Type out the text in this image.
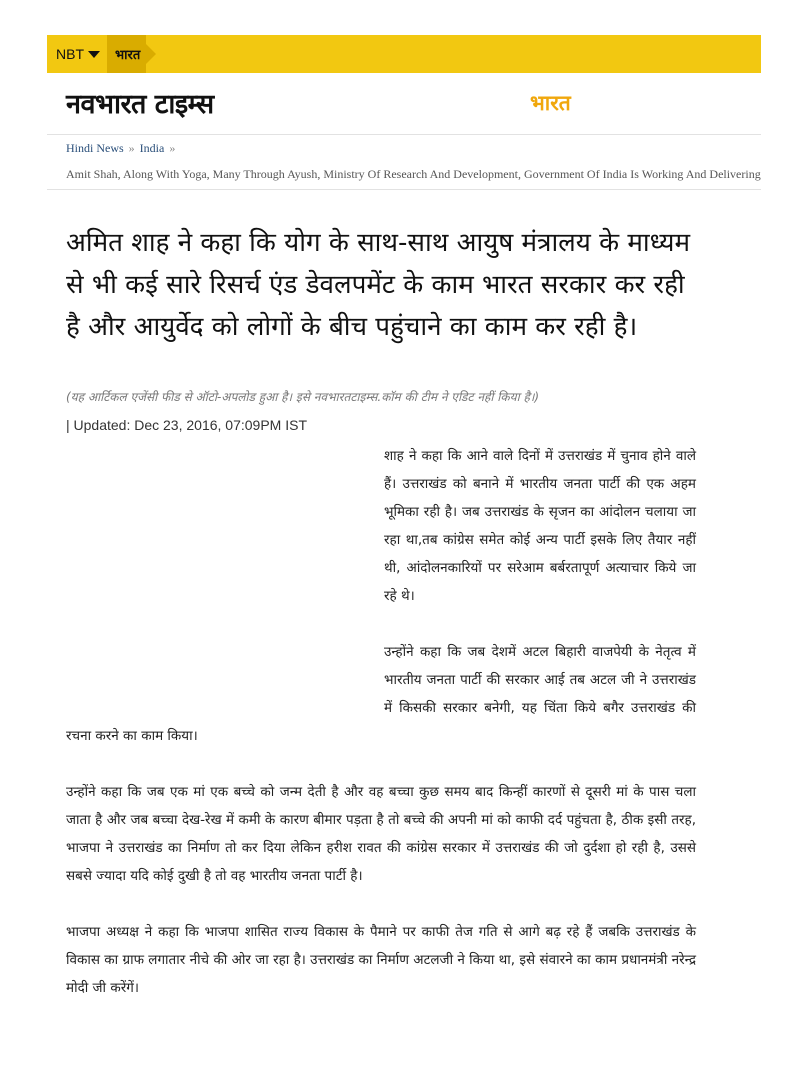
NBT भारत
नवभारत टाइम्स	भारत
Hindi News » India »
Amit Shah, Along With Yoga, Many Through Ayush, Ministry Of Research And Development, Government Of India Is Working And Delivering
अमित शाह ने कहा कि योग के साथ-साथ आयुष मंत्रालय के माध्यम से भी कई सारे रिसर्च एंड डेवलपमेंट के काम भारत सरकार कर रही है और आयुर्वेद को लोगों के बीच पहुंचाने का काम कर रही है।
(यह आर्टिकल एजेंसी फीड से ऑटो-अपलोड हुआ है। इसे नवभारतटाइम्स.कॉम की टीम ने एडिट नहीं किया है।)
| Updated: Dec 23, 2016, 07:09PM IST

शाह ने कहा कि आने वाले दिनों में उत्तराखंड में चुनाव होने वाले हैं। उत्तराखंड को बनाने में भारतीय जनता पार्टी की एक अहम भूमिका रही है। जब उत्तराखंड के सृजन का आंदोलन चलाया जा रहा था,तब कांग्रेस समेत कोई अन्य पार्टी इसके लिए तैयार नहीं थी, आंदोलनकारियों पर सरेआम बर्बरतापूर्ण अत्याचार किये जा रहे थे।

उन्होंने कहा कि जब देशमें अटल बिहारी वाजपेयी के नेतृत्व में भारतीय जनता पार्टी की सरकार आई तब अटल जी ने उत्तराखंड में किसकी सरकार बनेगी, यह चिंता किये बगैर उत्तराखंड की रचना करने का काम किया।

उन्होंने कहा कि जब एक मां एक बच्चे को जन्म देती है और वह बच्चा कुछ समय बाद किन्हीं कारणों से दूसरी मां के पास चला जाता है और जब बच्चा देख-रेख में कमी के कारण बीमार पड़ता है तो बच्चे की अपनी मां को काफी दर्द पहुंचता है, ठीक इसी तरह, भाजपा ने उत्तराखंड का निर्माण तो कर दिया लेकिन हरीश रावत की कांग्रेस सरकार में उत्तराखंड की जो दुर्दशा हो रही है, उससे सबसे ज्यादा यदि कोई दुखी है तो वह भारतीय जनता पार्टी है।

भाजपा अध्यक्ष ने कहा कि भाजपा शासित राज्य विकास के पैमाने पर काफी तेज गति से आगे बढ़ रहे हैं जबकि उत्तराखंड के विकास का ग्राफ लगातार नीचे की ओर जा रहा है। उत्तराखंड का निर्माण अटलजी ने किया था, इसे संवारने का काम प्रधानमंत्री नरेन्द्र मोदी जी करेंगें।
